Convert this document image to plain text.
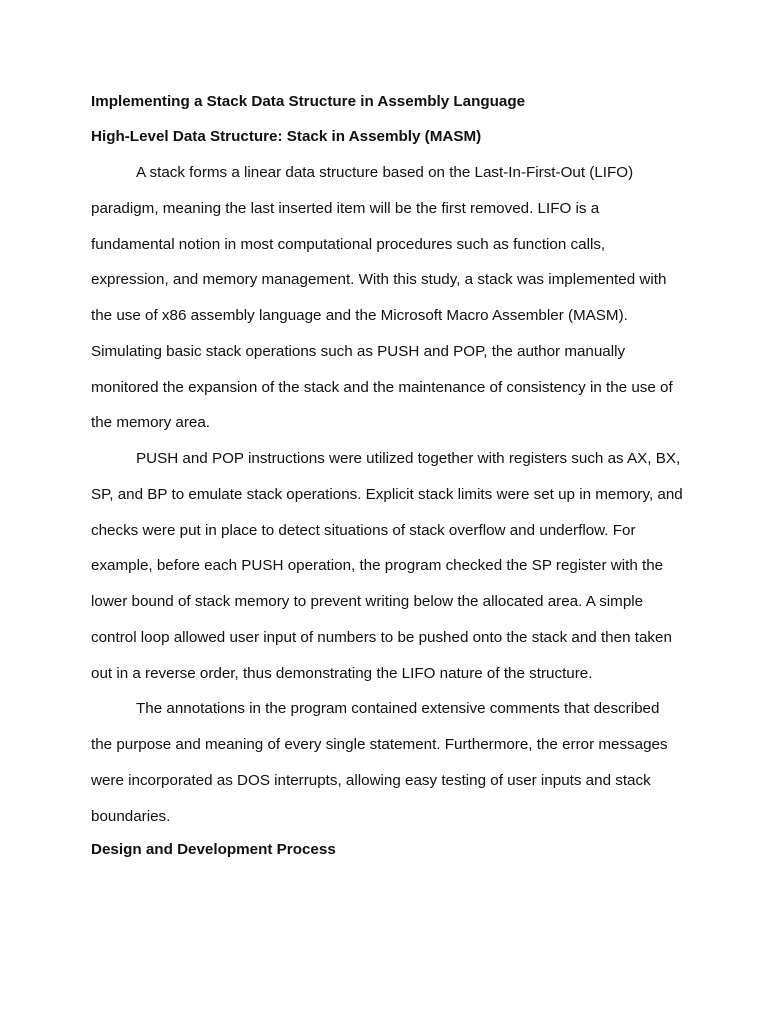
Implementing a Stack Data Structure in Assembly Language

High-Level Data Structure: Stack in Assembly (MASM)

A stack forms a linear data structure based on the Last-In-First-Out (LIFO) paradigm, meaning the last inserted item will be the first removed. LIFO is a fundamental notion in most computational procedures such as function calls, expression, and memory management. With this study, a stack was implemented with the use of x86 assembly language and the Microsoft Macro Assembler (MASM). Simulating basic stack operations such as PUSH and POP, the author manually monitored the expansion of the stack and the maintenance of consistency in the use of the memory area.

PUSH and POP instructions were utilized together with registers such as AX, BX, SP, and BP to emulate stack operations. Explicit stack limits were set up in memory, and checks were put in place to detect situations of stack overflow and underflow. For example, before each PUSH operation, the program checked the SP register with the lower bound of stack memory to prevent writing below the allocated area. A simple control loop allowed user input of numbers to be pushed onto the stack and then taken out in a reverse order, thus demonstrating the LIFO nature of the structure.

The annotations in the program contained extensive comments that described the purpose and meaning of every single statement. Furthermore, the error messages were incorporated as DOS interrupts, allowing easy testing of user inputs and stack boundaries.

Design and Development Process
